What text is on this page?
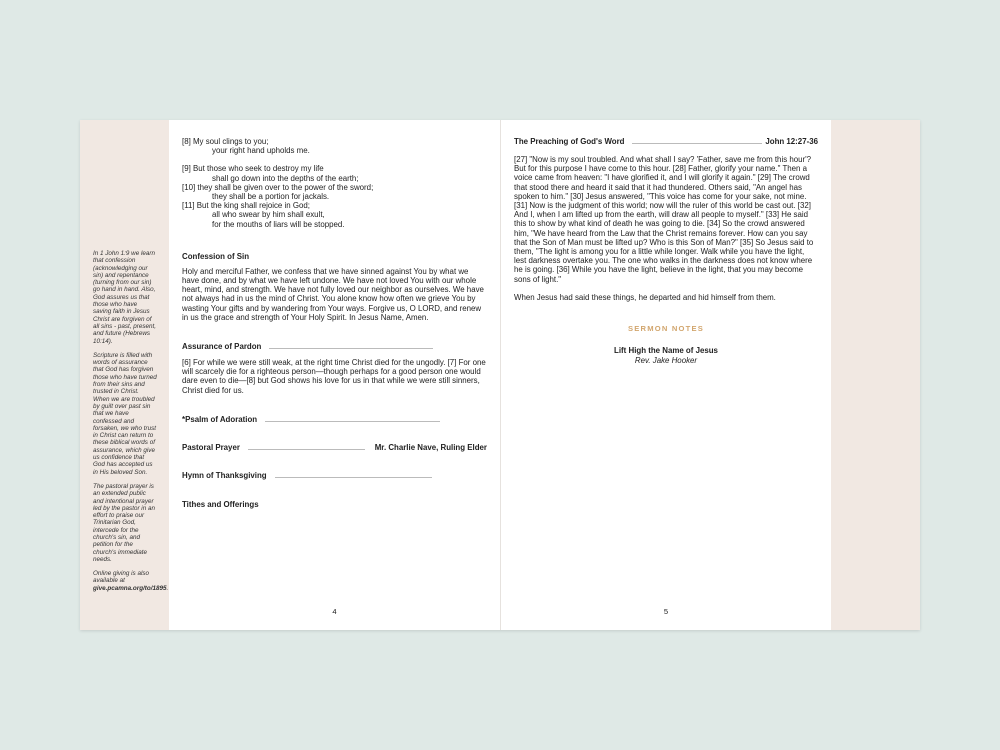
In 1 John 1:9 we learn that confession (acknowledging our sin) and repentance (turning from our sin) go hand in hand. Also, God assures us that those who have saving faith in Jesus Christ are forgiven of all sins - past, present, and future (Hebrews 10:14).

Scripture is filled with words of assurance that God has forgiven those who have turned from their sins and trusted in Christ. When we are troubled by guilt over past sin that we have confessed and forsaken, we who trust in Christ can return to these biblical words of assurance, which give us confidence that God has accepted us in His beloved Son.

The pastoral prayer is an extended public and intentional prayer led by the pastor in an effort to praise our Trinitarian God, intercede for the church's sin, and petition for the church's immediate needs.

Online giving is also available at give.pcamna.org/to/1895.

[8] My soul clings to you;

your right hand upholds me.

[9] But those who seek to destroy my life

shall go down into the depths of the earth;

[10] they shall be given over to the power of the sword;

they shall be a portion for jackals.

[11] But the king shall rejoice in God;

all who swear by him shall exult,

for the mouths of liars will be stopped.

Confession of Sin

Holy and merciful Father, we confess that we have sinned against You by what we have done, and by what we have left undone. We have not loved You with our whole heart, mind, and strength. We have not fully loved our neighbor as ourselves. We have not always had in us the mind of Christ. You alone know how often we grieve You by wasting Your gifts and by wandering from Your ways. Forgive us, O LORD, and renew in us the grace and strength of Your Holy Spirit. In Jesus Name, Amen.

Assurance of Pardon

[6] For while we were still weak, at the right time Christ died for the ungodly. [7] For one will scarcely die for a righteous person—though perhaps for a good person one would dare even to die—[8] but God shows his love for us in that while we were still sinners, Christ died for us.

*Psalm of Adoration
Pastoral Prayer	Mr. Charlie Nave, Ruling Elder
Hymn of Thanksgiving

Tithes and Offerings

4
The Preaching of God's Word	John 12:27-36

[27] "Now is my soul troubled. And what shall I say? 'Father, save me from this hour'? But for this purpose I have come to this hour. [28] Father, glorify your name." Then a voice came from heaven: "I have glorified it, and I will glorify it again." [29] The crowd that stood there and heard it said that it had thundered. Others said, "An angel has spoken to him." [30] Jesus answered, "This voice has come for your sake, not mine. [31] Now is the judgment of this world; now will the ruler of this world be cast out. [32] And I, when I am lifted up from the earth, will draw all people to myself." [33] He said this to show by what kind of death he was going to die. [34] So the crowd answered him, "We have heard from the Law that the Christ remains forever. How can you say that the Son of Man must be lifted up? Who is this Son of Man?" [35] So Jesus said to them, "The light is among you for a little while longer. Walk while you have the light, lest darkness overtake you. The one who walks in the darkness does not know where he is going. [36] While you have the light, believe in the light, that you may become sons of light."

When Jesus had said these things, he departed and hid himself from them.

SERMON NOTES
Lift High the Name of Jesus
Rev. Jake Hooker
5
